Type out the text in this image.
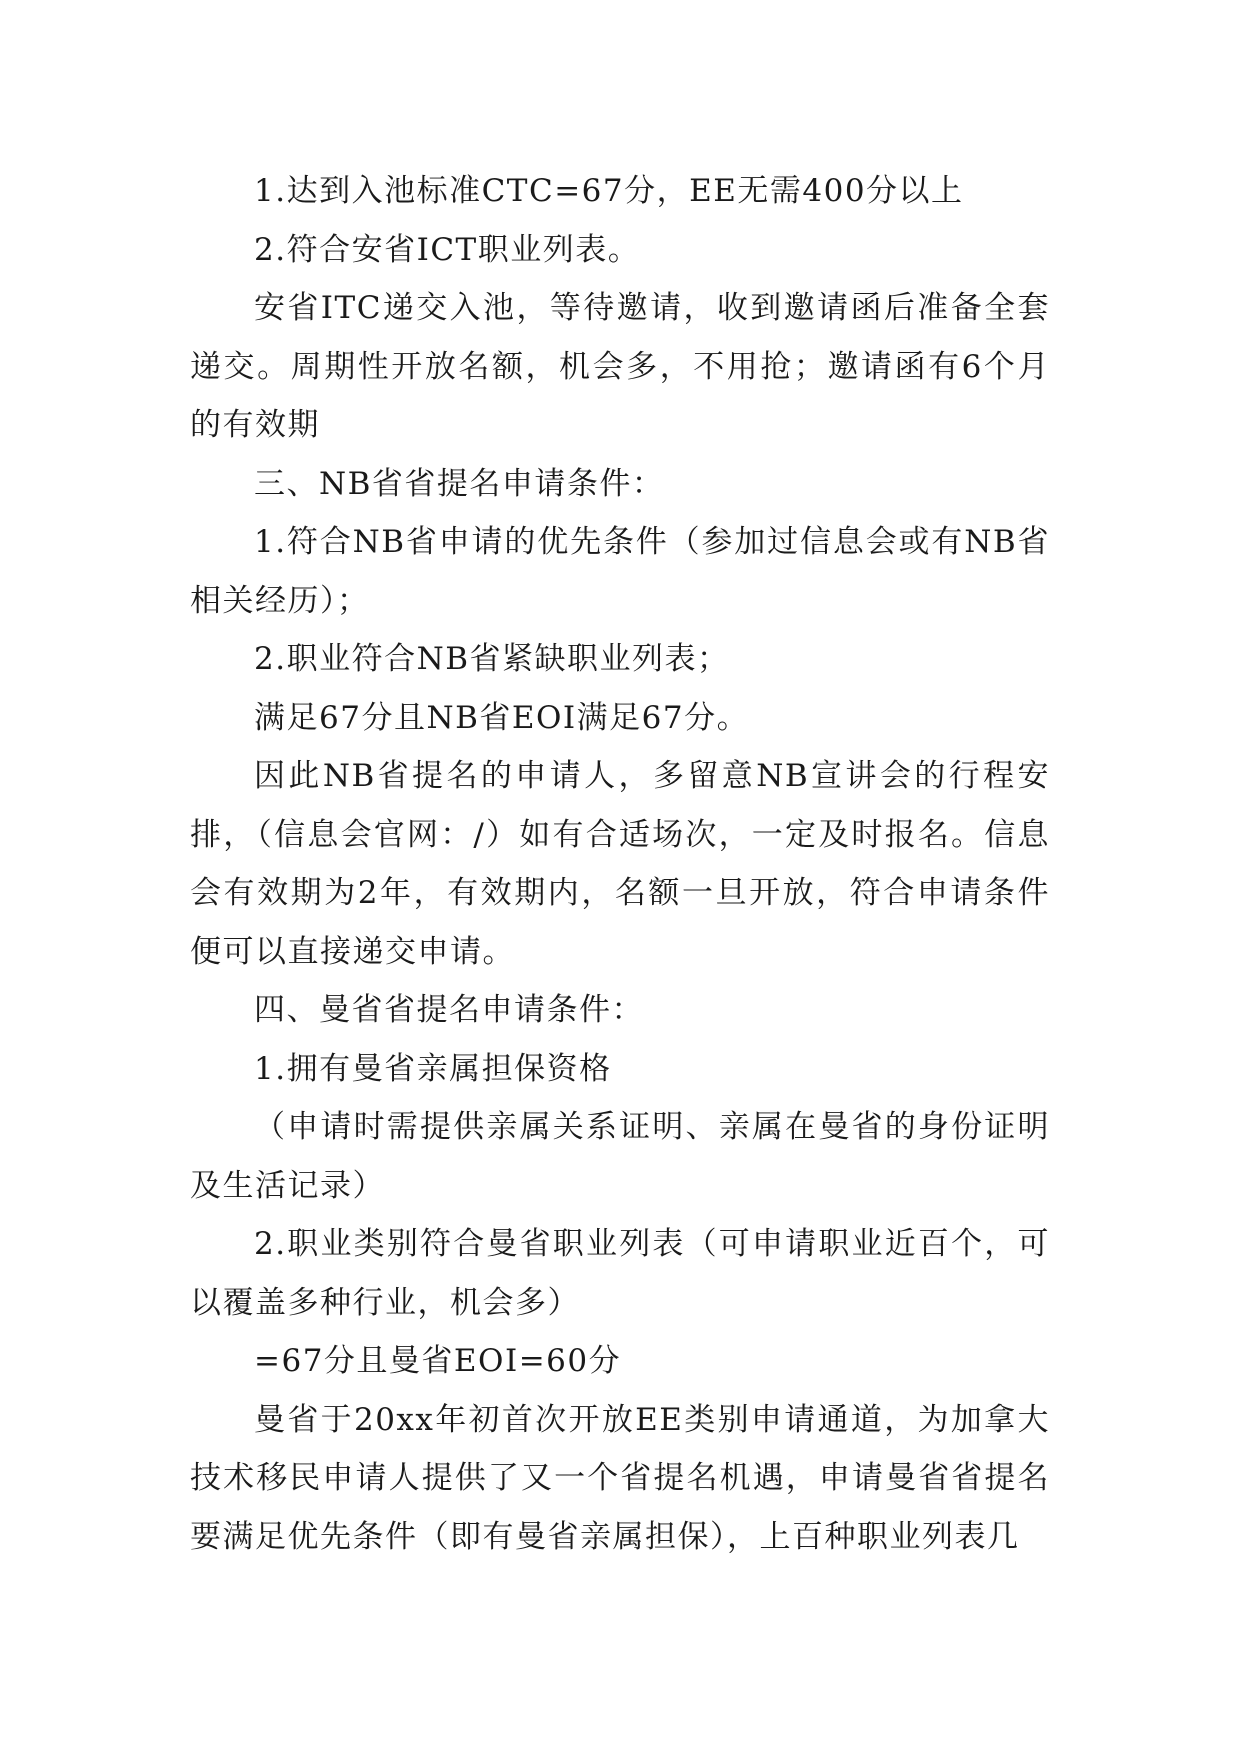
1.达到入池标准CTC=67分，EE无需400分以上

2.符合安省ICT职业列表。

安省ITC递交入池，等待邀请，收到邀请函后准备全套递交。周期性开放名额，机会多，不用抢；邀请函有6个月的有效期

三、NB省省提名申请条件：

1.符合NB省申请的优先条件（参加过信息会或有NB省相关经历）；

2.职业符合NB省紧缺职业列表；

满足67分且NB省EOI满足67分。

因此NB省提名的申请人，多留意NB宣讲会的行程安排，（信息会官网：/）如有合适场次，一定及时报名。信息会有效期为2年，有效期内，名额一旦开放，符合申请条件便可以直接递交申请。

四、曼省省提名申请条件：

1.拥有曼省亲属担保资格

（申请时需提供亲属关系证明、亲属在曼省的身份证明及生活记录）

2.职业类别符合曼省职业列表（可申请职业近百个，可以覆盖多种行业，机会多）

=67分且曼省EOI=60分

曼省于20xx年初首次开放EE类别申请通道，为加拿大技术移民申请人提供了又一个省提名机遇，申请曼省省提名要满足优先条件（即有曼省亲属担保），上百种职业列表几
